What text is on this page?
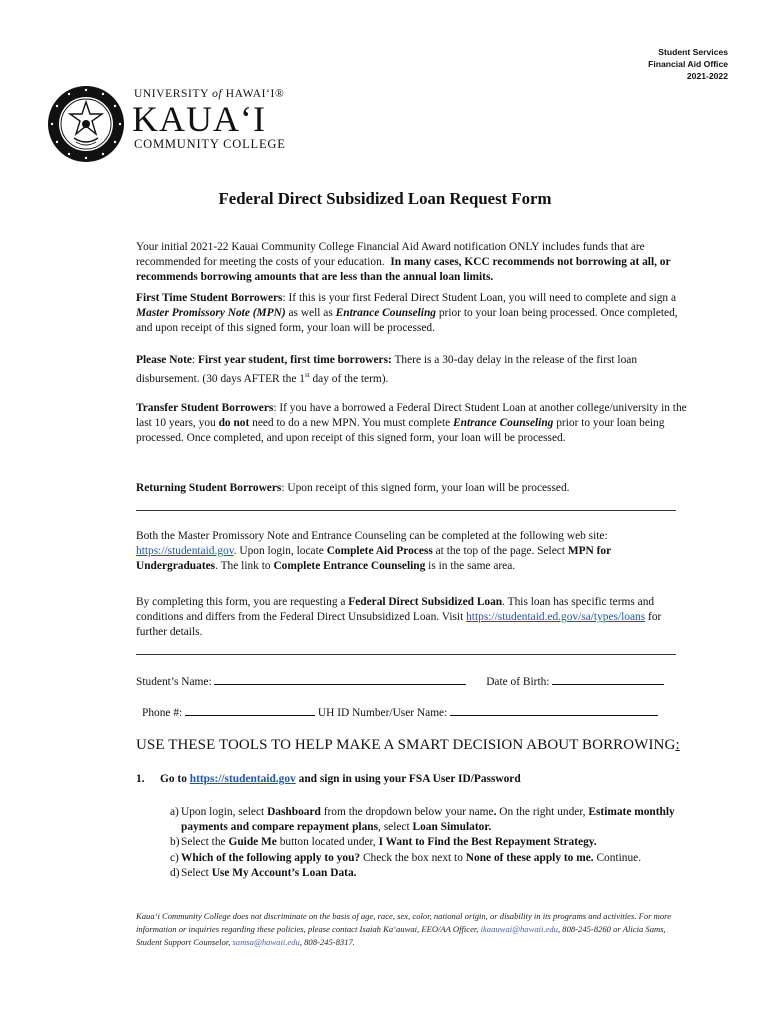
Student Services
Financial Aid Office
2021-2022
UNIVERSITY of HAWAI‘I®
KAUA‘I
COMMUNITY COLLEGE
Federal Direct Subsidized Loan Request Form
Your initial 2021-22 Kauai Community College Financial Aid Award notification ONLY includes funds that are recommended for meeting the costs of your education. In many cases, KCC recommends not borrowing at all, or recommends borrowing amounts that are less than the annual loan limits.
First Time Student Borrowers: If this is your first Federal Direct Student Loan, you will need to complete and sign a Master Promissory Note (MPN) as well as Entrance Counseling prior to your loan being processed. Once completed, and upon receipt of this signed form, your loan will be processed.
Please Note: First year student, first time borrowers: There is a 30-day delay in the release of the first loan disbursement. (30 days AFTER the 1st day of the term).
Transfer Student Borrowers: If you have a borrowed a Federal Direct Student Loan at another college/university in the last 10 years, you do not need to do a new MPN. You must complete Entrance Counseling prior to your loan being processed. Once completed, and upon receipt of this signed form, your loan will be processed.
Returning Student Borrowers: Upon receipt of this signed form, your loan will be processed.
Both the Master Promissory Note and Entrance Counseling can be completed at the following web site: https://studentaid.gov. Upon login, locate Complete Aid Process at the top of the page. Select MPN for Undergraduates. The link to Complete Entrance Counseling is in the same area.
By completing this form, you are requesting a Federal Direct Subsidized Loan. This loan has specific terms and conditions and differs from the Federal Direct Unsubsidized Loan. Visit https://studentaid.ed.gov/sa/types/loans for further details.
Student’s Name:	Date of Birth:
Phone #:	UH ID Number/User Name:
USE THESE TOOLS TO HELP MAKE A SMART DECISION ABOUT BORROWING:
1. Go to https://studentaid.gov and sign in using your FSA User ID/Password
a) Upon login, select Dashboard from the dropdown below your name. On the right under, Estimate monthly payments and compare repayment plans, select Loan Simulator.
b) Select the Guide Me button located under, I Want to Find the Best Repayment Strategy.
c) Which of the following apply to you? Check the box next to None of these apply to me. Continue.
d) Select Use My Account’s Loan Data.
Kaua‘i Community College does not discriminate on the basis of age, race, sex, color, national origin, or disability in its programs and activities. For more information or inquiries regarding these policies, please contact Isaiah Ka‘auwai, EEO/AA Officer, ikaauwai@hawaii.edu, 808-245-8260 or Alicia Sams, Student Support Counselor, samsa@hawaii.edu, 808-245-8317.
